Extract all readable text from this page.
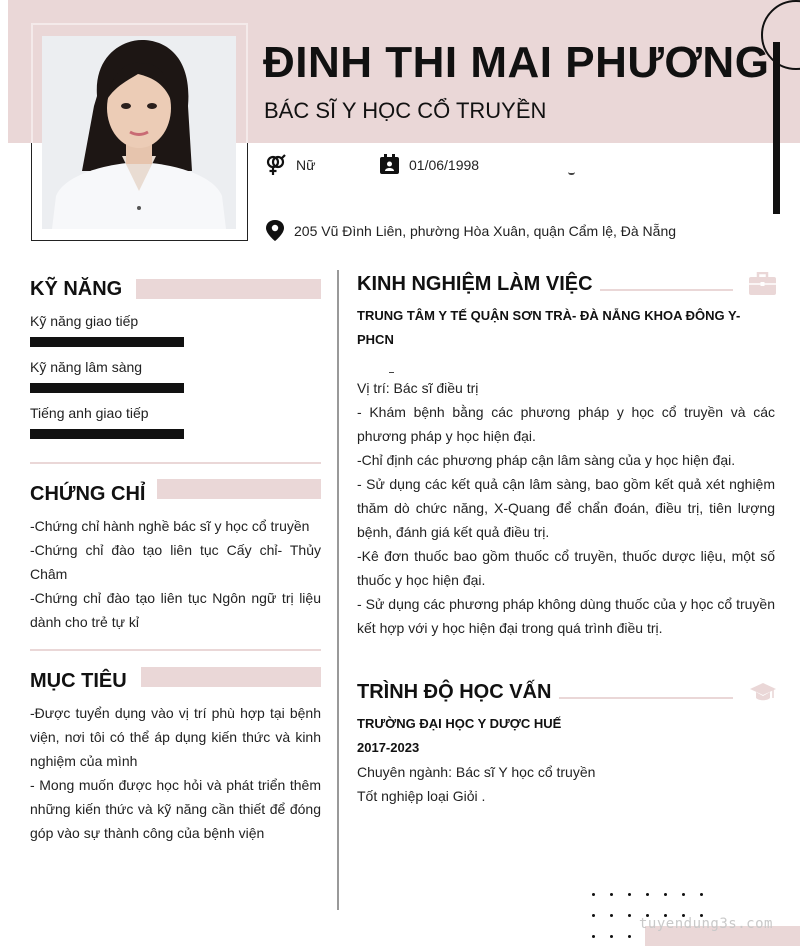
ĐINH THI MAI PHƯƠNG
BÁC SĨ Y HỌC CỔ TRUYỀN
Nữ	01/06/1998
205 Vũ Đình Liên, phường Hòa Xuân, quận Cẩm lệ, Đà Nẵng
KỸ NĂNG
Kỹ năng giao tiếp
Kỹ năng lâm sàng
Tiếng anh giao tiếp
CHỨNG CHỈ

-Chứng chỉ hành nghề bác sĩ y học cổ truyền

-Chứng chỉ đào tạo liên tục Cấy chỉ- Thủy Châm

-Chứng chỉ đào tạo liên tục Ngôn ngữ trị liệu dành cho trẻ tự kỉ

MỤC TIÊU

-Được tuyển dụng vào vị trí phù hợp tại bệnh viện, nơi tôi có thể áp dụng kiến thức và kinh nghiệm của mình

- Mong muốn được học hỏi và phát triển thêm những kiến thức và kỹ năng cần thiết để đóng góp vào sự thành công của bệnh viện

KINH NGHIỆM LÀM VIỆC
TRUNG TÂM Y TẾ QUẬN SƠN TRÀ- ĐÀ NẴNG KHOA ĐÔNG Y- PHCN

Vị trí: Bác sĩ điều trị

- Khám bệnh bằng các phương pháp y học cổ truyền và các phương pháp y học hiện đại.

-Chỉ định các phương pháp cận lâm sàng của y học hiện đại.

- Sử dụng các kết quả cận lâm sàng, bao gồm kết quả xét nghiệm thăm dò chức năng, X-Quang để chẩn đoán, điều trị, tiên lượng bệnh, đánh giá kết quả điều trị.

-Kê đơn thuốc bao gồm thuốc cổ truyền, thuốc dược liệu, một số thuốc y học hiện đại.

- Sử dụng các phương pháp không dùng thuốc của y học cổ truyền kết hợp với y học hiện đại trong quá trình điều trị.

TRÌNH ĐỘ HỌC VẤN
TRƯỜNG ĐẠI HỌC Y DƯỢC HUẾ
2017-2023
Chuyên ngành: Bác sĩ Y học cổ truyền
Tốt nghiệp loại Giỏi .
tuyendung3s.com
